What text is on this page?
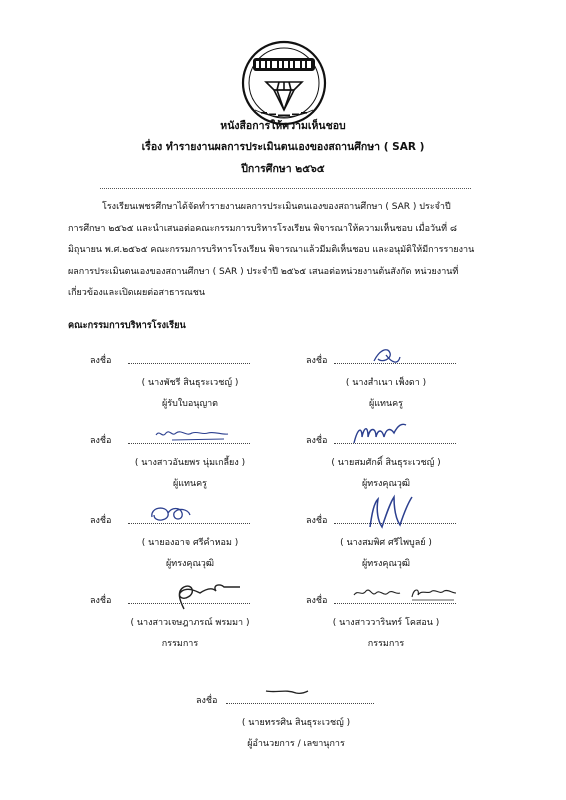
หนังสือการให้ความเห็นชอบ
เรื่อง ทำรายงานผลการประเมินตนเองของสถานศึกษา ( SAR )
ปีการศึกษา ๒๕๖๕
โรงเรียนเพชรศึกษาได้จัดทำรายงานผลการประเมินตนเองของสถานศึกษา ( SAR ) ประจำปี
การศึกษา ๒๕๖๕ และนำเสนอต่อคณะกรรมการบริหารโรงเรียน พิจารณาให้ความเห็นชอบ เมื่อวันที่ ๘
มิถุนายน พ.ศ.๒๕๖๕ คณะกรรมการบริหารโรงเรียน พิจารณาแล้วมีมติเห็นชอบ และอนุมัติให้มีการรายงาน
ผลการประเมินตนเองของสถานศึกษา ( SAR ) ประจำปี ๒๕๖๕ เสนอต่อหน่วยงานต้นสังกัด หน่วยงานที่
เกี่ยวข้องและเปิดเผยต่อสาธารณชน
คณะกรรมการบริหารโรงเรียน
ลงชื่อ
( นางพัชรี สินธุระเวชญ์ )
ผู้รับใบอนุญาต
ลงชื่อ
( นางสำเนา เพ็งดา )
ผู้แทนครู
ลงชื่อ
( นางสาวอันยพร นุ่มเกลี้ยง )
ผู้แทนครู
ลงชื่อ
( นายสมศักดิ์ สินธุระเวชญ์ )
ผู้ทรงคุณวุฒิ
ลงชื่อ
( นายองอาจ ศรีคำหอม )
ผู้ทรงคุณวุฒิ
ลงชื่อ
( นางสมพิศ ศรีไพบูลย์ )
ผู้ทรงคุณวุฒิ
ลงชื่อ
( นางสาวเจษฎาภรณ์ พรมมา )
กรรมการ
ลงชื่อ
( นางสาววารินทร์ โคสอน )
กรรมการ
ลงชื่อ
( นายทรรศิน สินธุระเวชญ์ )
ผู้อำนวยการ / เลขานุการ
